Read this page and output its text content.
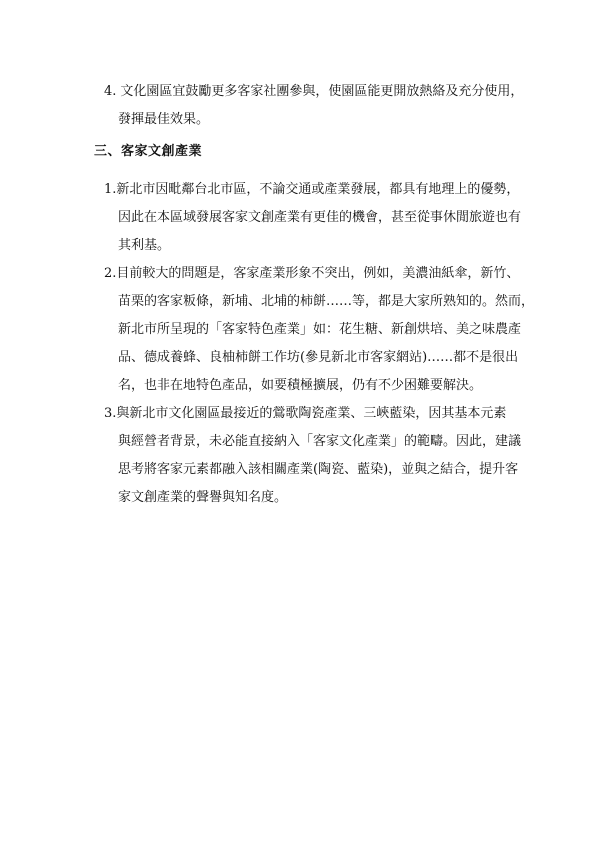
4. 文化園區宜鼓勵更多客家社團參與，使園區能更開放熱絡及充分使用，
發揮最佳效果。
三、客家文創產業
1.新北市因毗鄰台北市區，不論交通或產業發展，都具有地理上的優勢，
因此在本區域發展客家文創產業有更佳的機會，甚至從事休閒旅遊也有
其利基。
2.目前較大的問題是，客家產業形象不突出，例如，美濃油紙傘，新竹、
苗栗的客家粄條，新埔、北埔的柿餅……等，都是大家所熟知的。然而，
新北市所呈現的「客家特色產業」如：花生糖、新創烘培、美之味農產
品、德成養蜂、良柚柿餅工作坊(參見新北市客家網站)……都不是很出
名，也非在地特色產品，如要積極擴展，仍有不少困難要解決。
3.與新北市文化園區最接近的鶯歌陶瓷產業、三峽藍染，因其基本元素
與經營者背景，未必能直接納入「客家文化產業」的範疇。因此，建議
思考將客家元素都融入該相關產業(陶瓷、藍染)，並與之結合，提升客
家文創產業的聲譽與知名度。
